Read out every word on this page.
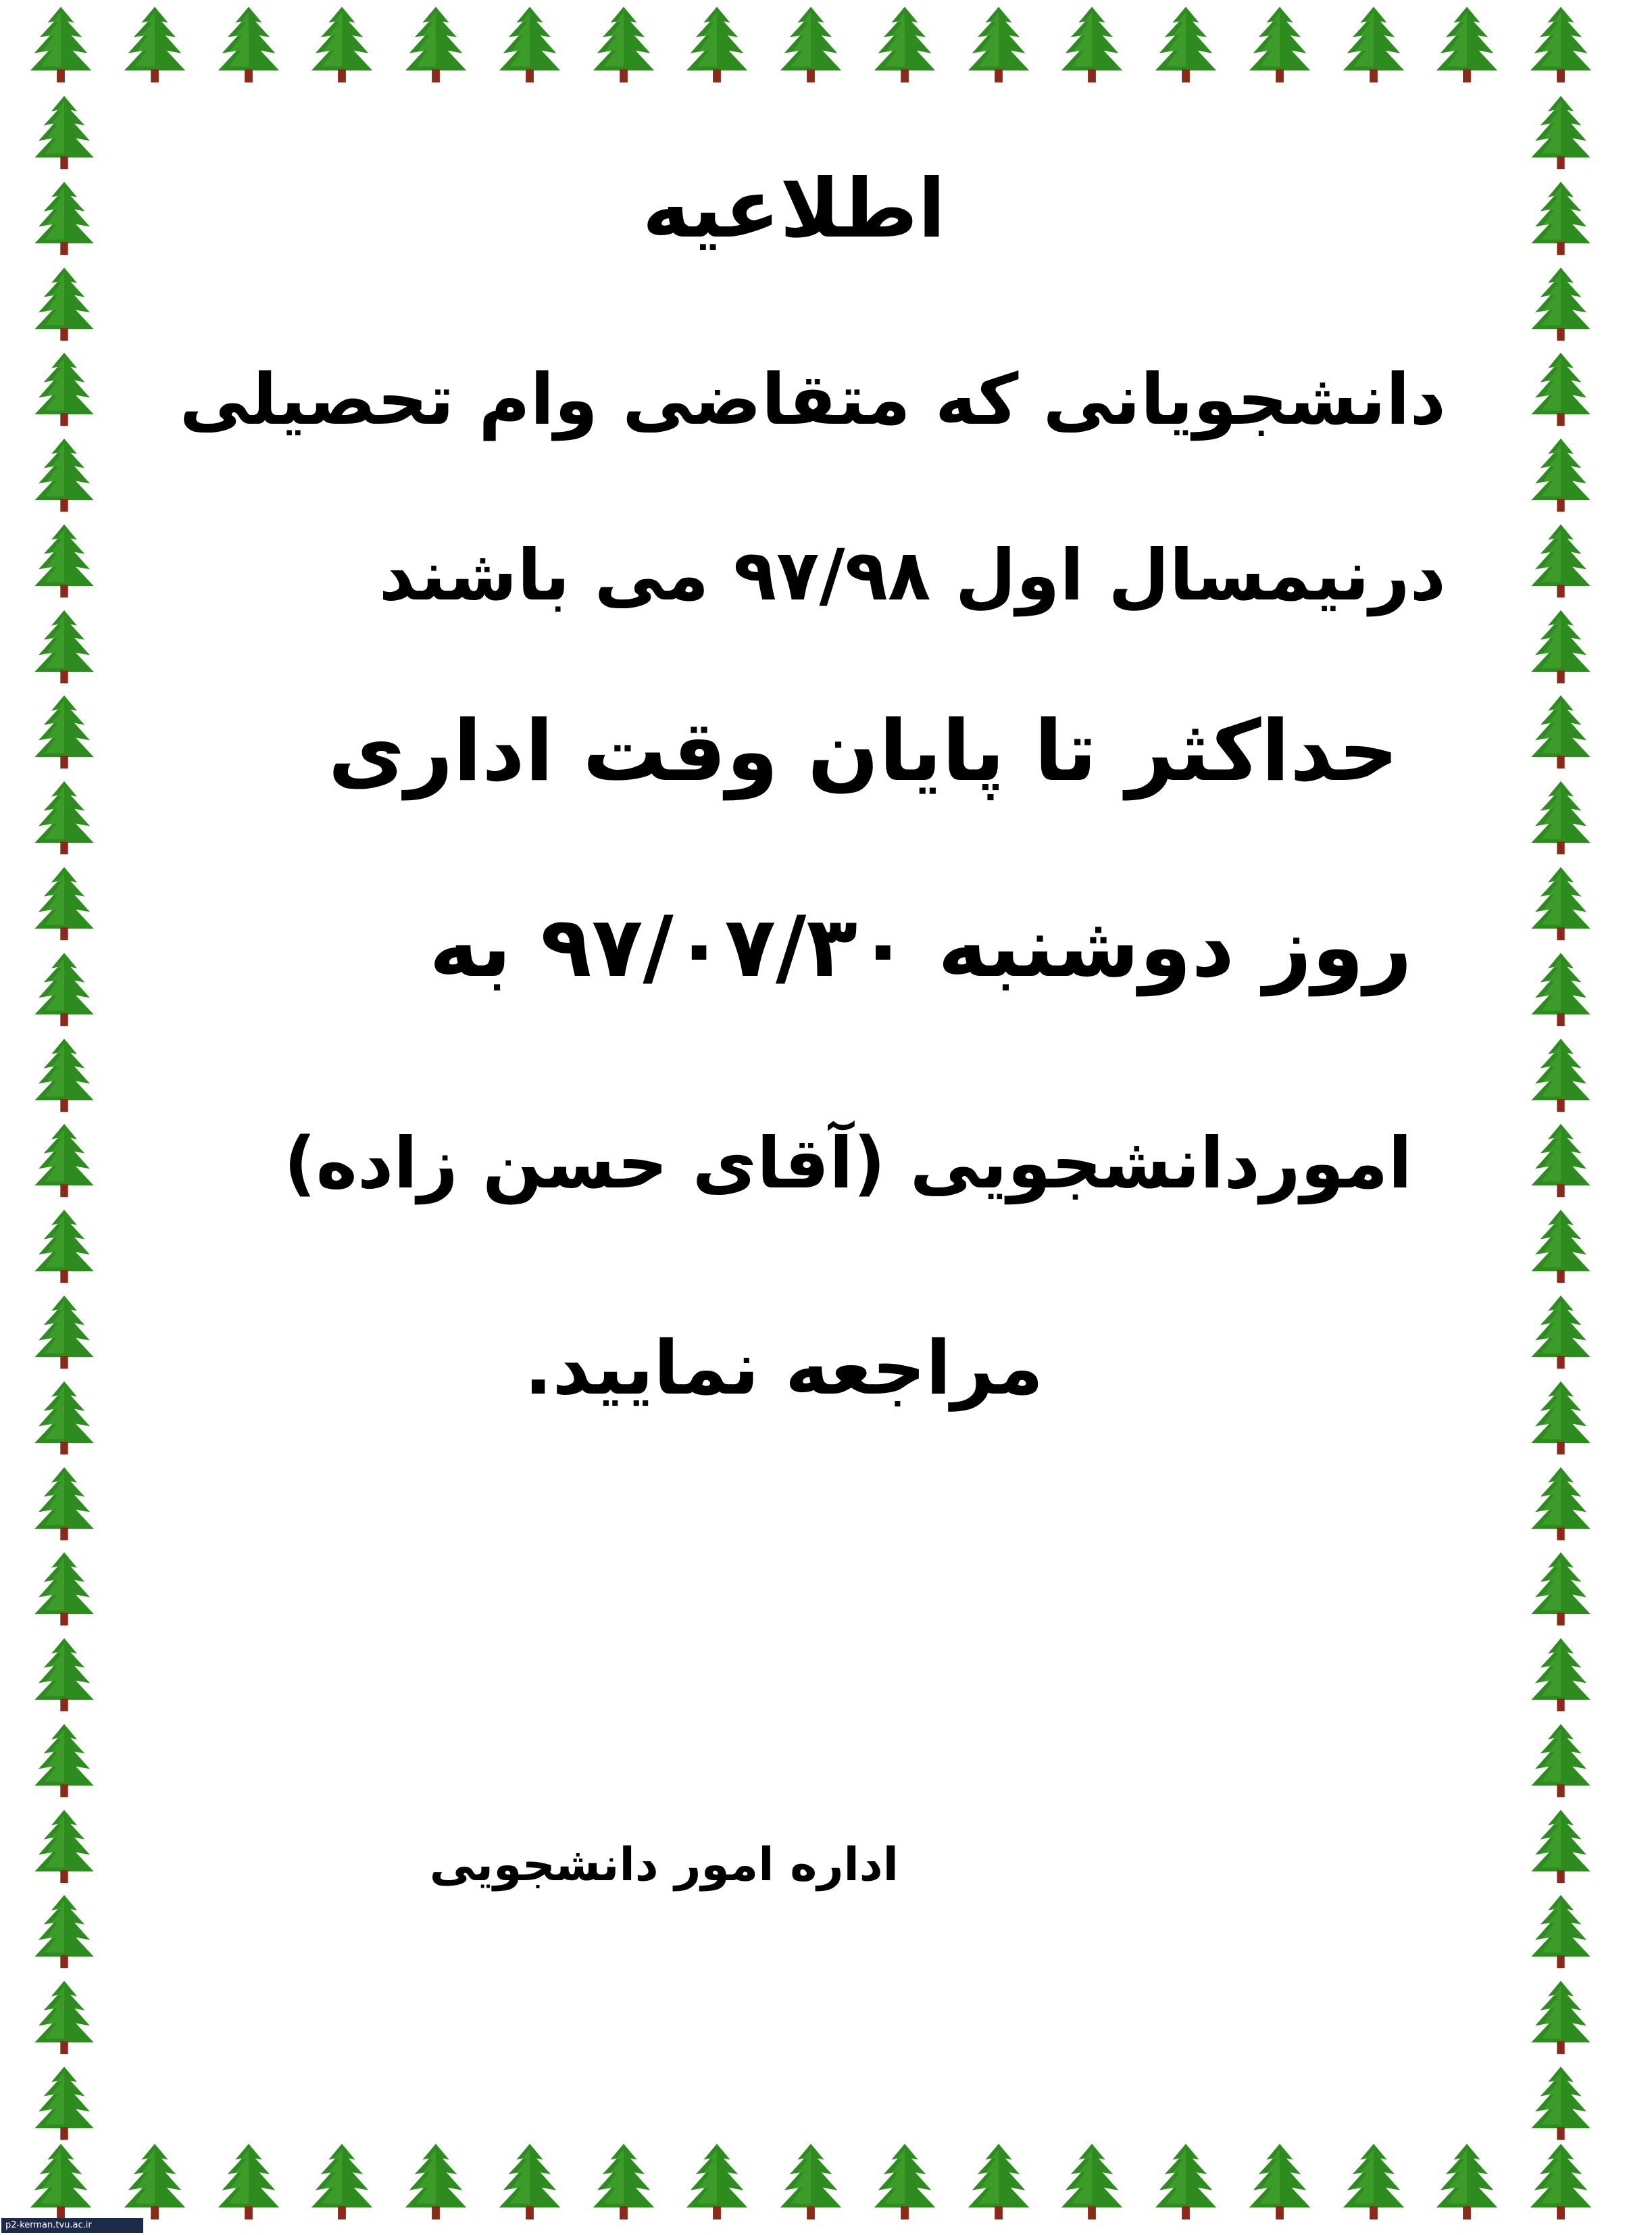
اطلاعیه
دانشجویانی که متقاضی وام تحصیلی
درنیمسال اول ۹۷/۹۸ می باشند
حداکثر تا پایان وقت اداری
روز دوشنبه ۹۷/۰۷/۳۰ به
اموردانشجویی (آقای حسن زاده)
مراجعه نمایید.
اداره امور دانشجویی
p2-kerman.tvu.ac.ir
